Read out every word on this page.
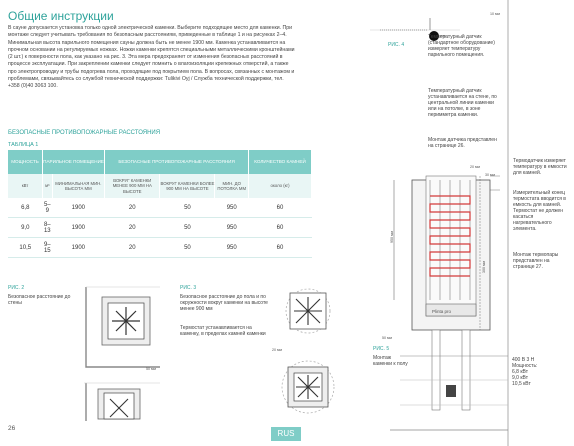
Общие инструкции
В сауне допускается установка только одной электрической каменки. Выберите подходящее место для каменки. При монтаже следует учитывать требования по безопасным расстояниям, приведенные в таблице 1 и на рисунках 2–4. Минимальная высота парильного помещения сауны должна быть не менее 1900 мм. Каменка устанавливается на прочном основании на регулируемых ножках. Ножки каменки крепятся специальными металлическими кронштейнами (2 шт.) к поверхности пола, как указано на рис. 3. Эта мера предохраняет от изменения безопасных расстояний в процессе эксплуатации. При закреплении каменки следует помнить о влагоизоляции крепежных отверстий, а также про электропроводку и трубы подогрева пола, проходящие под покрытием пола. В вопросах, связанных с монтажом и проблемами, связывайтесь со службой технической поддержки: Tulikivi Oyj / Служба технической поддержки, тел. +358 (0)40 3063 100.
БЕЗОПАСНЫЕ ПРОТИВОПОЖАРНЫЕ РАССТОЯНИЯ
ТАБЛИЦА 1
МОЩНОСТЬ	ПАРИЛЬНОЕ ПОМЕЩЕНИЕ		БЕЗОПАСНЫЕ ПРОТИВОПОЖАРНЫЕ РАССТОЯНИЯ			КОЛИЧЕСТВО КАМНЕЙ
кВт	м³	МИНИМАЛЬНАЯ МИН. ВЫСОТА ММ	ВОКРУГ КАМЕНКИ МЕНЕЕ 900 ММ НА ВЫСОТЕ	ВОКРУГ КАМЕНКИ БОЛЕЕ 900 ММ НА ВЫСОТЕ	МИН. ДО ПОТОЛКА ММ	около (кг)
6,8	5–9	1900	20	50	950	60
9,0	8–13	1900	20	50	950	60
10,5	9–15	1900	20	50	950	60
РИС. 2
Безопасное расстояние до стены
50 мм
РИС. 3
Безопасное расстояние до пола и по окружности вокруг каменки на высоте менее 900 мм
Термостат устанавливается на каменку, в пределах камней каменки
20 мм
26
RUS
РИС. 4
10 мм
Температурный датчик (стандартное оборудование) измеряет температуру парильного помещения.
Температурный датчик устанавливается на стене, по центральной линии каменки или на потолке, в зоне перимметра каменки.
Монтаж датчика представлен на странице 26.
Термодатчик измеряет температуру в емкости для камней.
Измерительный конец термостата вводится в емкость для камней. Термостат не должен касаться нагревательного элемента.
Монтаж термопары представлен на странице 27.
20 мм
30 мм
950 мм
300 мм
50 мм
Plinta pro
РИС. 5
Монтаж каменки к полу
400 В 3 Н
Мощность:
6,8 кВт
9,0 кВт
10,5 кВт
